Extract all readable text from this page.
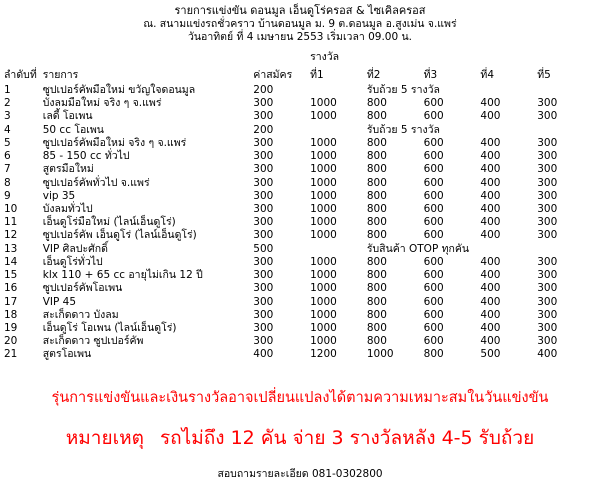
รายการแข่งขัน ดอนมูล เอ็นดูโร่ครอส & ไซเคิลครอส
ณ. สนามแข่งรถชั่วคราว บ้านดอนมูล ม. 9 ต.ดอนมูล อ.สูงเม่น จ.แพร่
วันอาทิตย์ ที่ 4 เมษายน 2553 เริ่มเวลา 09.00 น.
			รางวัล				
ลำดับที่	รายการ	ค่าสมัคร	ที่1	ที่2	ที่3	ที่4	ที่5
1	ซูปเปอร์คัพมือใหม่ ขวัญใจดอนมูล	200		รับถ้วย 5 รางวัล			
2	บังลมมือใหม่ จริง ๆ จ.แพร่	300	1000	800	600	400	300
3	เลดี้ โอเพน	300	1000	800	600	400	300
4	50 cc โอเพน	200		รับถ้วย 5 รางวัล			
5	ซูปเปอร์คัพมือใหม่ จริง ๆ จ.แพร่	300	1000	800	600	400	300
6	85 - 150 cc ทั่วไป	300	1000	800	600	400	300
7	สูตรมือใหม่	300	1000	800	600	400	300
8	ซูปเปอร์คัพทั่วไป จ.แพร่	300	1000	800	600	400	300
9	vip 35	300	1000	800	600	400	300
10	บังลมทั่วไป	300	1000	800	600	400	300
11	เอ็นดูโร่มือใหม่ (ไลน์เอ็นดูโร่)	300	1000	800	600	400	300
12	ซูปเปอร์คัพ เอ็นดูโร่ (ไลน์เอ็นดูโร่)	300	1000	800	600	400	300
13	VIP ศิลปะศักดิ์	500		รับสินค้า OTOP ทุกคัน			
14	เอ็นดูโร่ทั่วไป	300	1000	800	600	400	300
15	klx 110 + 65 cc อายุไม่เกิน 12 ปี	300	1000	800	600	400	300
16	ซูปเปอร์คัพโอเพน	300	1000	800	600	400	300
17	VIP 45	300	1000	800	600	400	300
18	สะเก็ดดาว บังลม	300	1000	800	600	400	300
19	เอ็นดูโร่ โอเพน (ไลน์เอ็นดูโร่)	300	1000	800	600	400	300
20	สะเก็ดดาว ซูปเปอร์คัพ	300	1000	800	600	400	300
21	สูตรโอเพน	400	1200	1000	800	500	400
รุ่นการแข่งขันและเงินรางวัลอาจเปลี่ยนแปลงได้ตามความเหมาะสมในวันแข่งขัน
หมายเหตุ รถไม่ถึง 12 คัน จ่าย 3 รางวัลหลัง 4-5 รับถ้วย
สอบถามรายละเอียด 081-0302800
